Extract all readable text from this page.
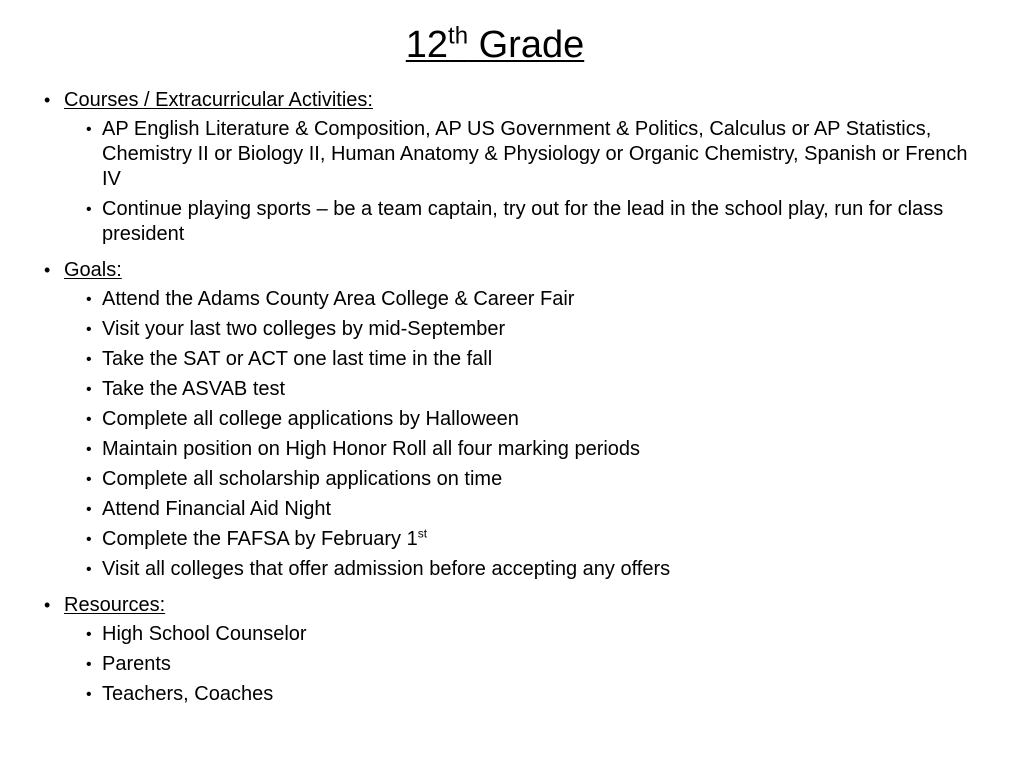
12th Grade
• Courses / Extracurricular Activities:
• AP English Literature & Composition, AP US Government & Politics, Calculus or AP Statistics, Chemistry II or Biology II, Human Anatomy & Physiology or Organic Chemistry, Spanish or French IV
• Continue playing sports – be a team captain, try out for the lead in the school play, run for class president
• Goals:
• Attend the Adams County Area College & Career Fair
• Visit your last two colleges by mid-September
• Take the SAT or ACT one last time in the fall
• Take the ASVAB test
• Complete all college applications by Halloween
• Maintain position on High Honor Roll all four marking periods
• Complete all scholarship applications on time
• Attend Financial Aid Night
• Complete the FAFSA by February 1st
• Visit all colleges that offer admission before accepting any offers
• Resources:
• High School Counselor
• Parents
• Teachers, Coaches
